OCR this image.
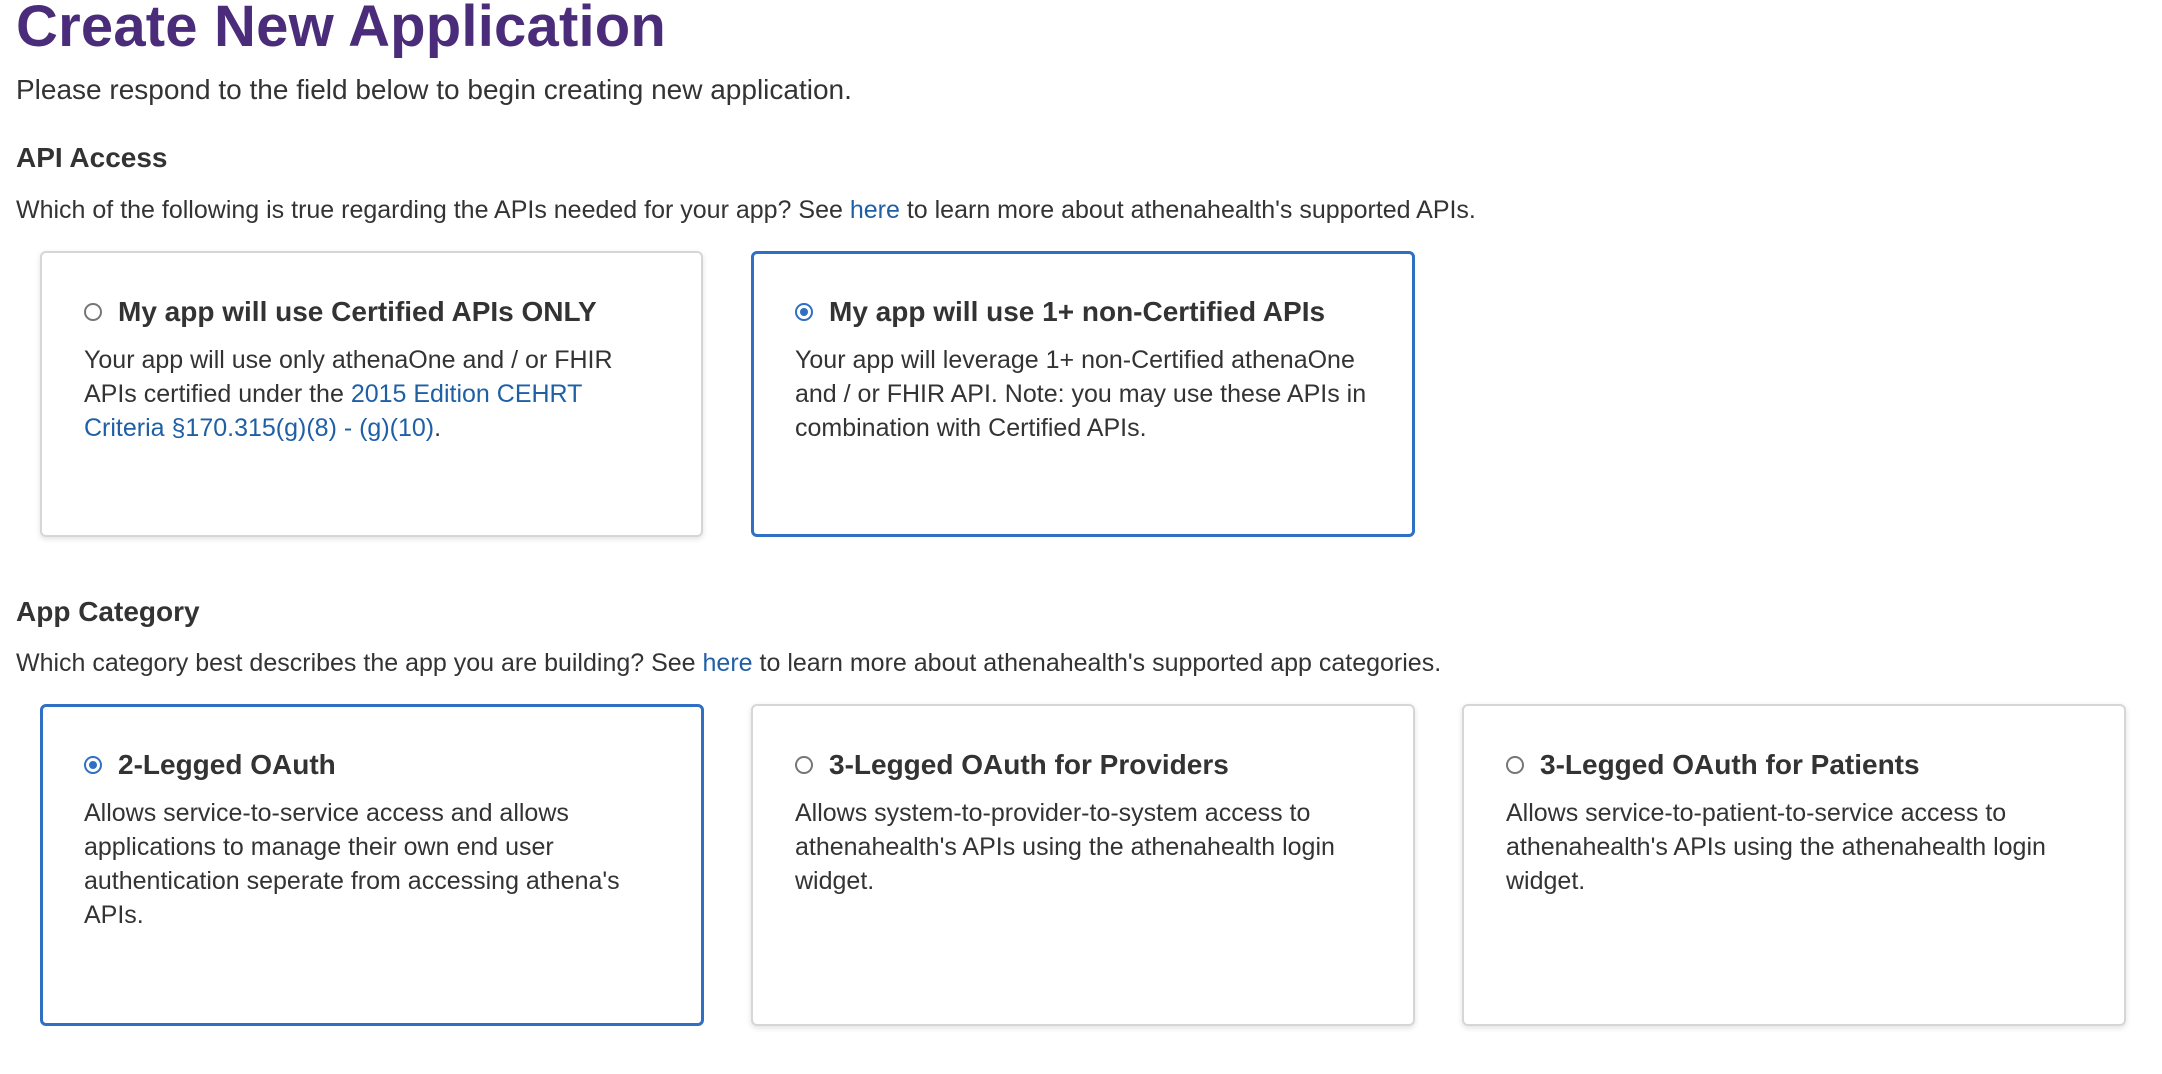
Create New Application
Please respond to the field below to begin creating new application.
API Access
Which of the following is true regarding the APIs needed for your app? See here to learn more about athenahealth's supported APIs.
My app will use Certified APIs ONLY
Your app will use only athenaOne and / or FHIR APIs certified under the 2015 Edition CEHRT Criteria §170.315(g)(8) - (g)(10).
My app will use 1+ non-Certified APIs
Your app will leverage 1+ non-Certified athenaOne and / or FHIR API. Note: you may use these APIs in combination with Certified APIs.
App Category
Which category best describes the app you are building? See here to learn more about athenahealth's supported app categories.
2-Legged OAuth
Allows service-to-service access and allows applications to manage their own end user authentication seperate from accessing athena's APIs.
3-Legged OAuth for Providers
Allows system-to-provider-to-system access to athenahealth's APIs using the athenahealth login widget.
3-Legged OAuth for Patients
Allows service-to-patient-to-service access to athenahealth's APIs using the athenahealth login widget.
